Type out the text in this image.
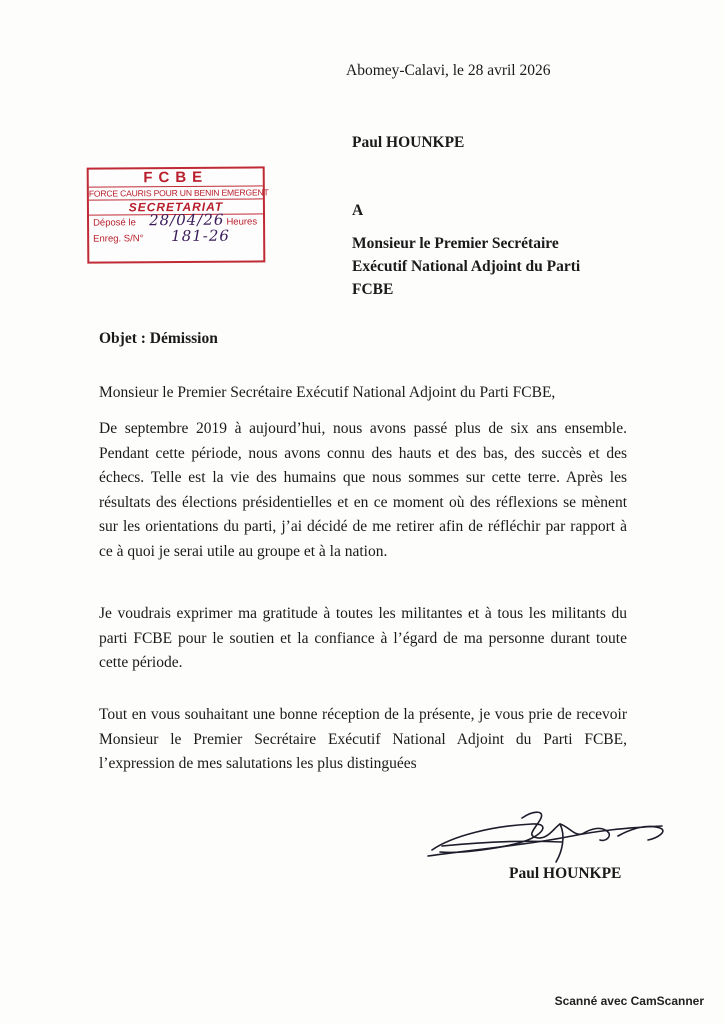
Abomey-Calavi, le 28 avril 2026
Paul HOUNKPE
FCBE
FORCE CAURIS POUR UN BENIN EMERGENT
SECRETARIAT
Déposé le 28/04/26 Heures
Enreg. S/N° 181-26
A
Monsieur le Premier Secrétaire
Exécutif National Adjoint du Parti
FCBE
Objet : Démission
Monsieur le Premier Secrétaire Exécutif National Adjoint du Parti FCBE,

De septembre 2019 à aujourd’hui, nous avons passé plus de six ans ensemble. Pendant cette période, nous avons connu des hauts et des bas, des succès et des échecs. Telle est la vie des humains que nous sommes sur cette terre. Après les résultats des élections présidentielles et en ce moment où des réflexions se mènent sur les orientations du parti, j’ai décidé de me retirer afin de réfléchir par rapport à ce à quoi je serai utile au groupe et à la nation.

Je voudrais exprimer ma gratitude à toutes les militantes et à tous les militants du parti FCBE pour le soutien et la confiance à l’égard de ma personne durant toute cette période.

Tout en vous souhaitant une bonne réception de la présente, je vous prie de recevoir Monsieur le Premier Secrétaire Exécutif National Adjoint du Parti FCBE, l’expression de mes salutations les plus distinguées

Paul HOUNKPE
Scanné avec CamScanner
